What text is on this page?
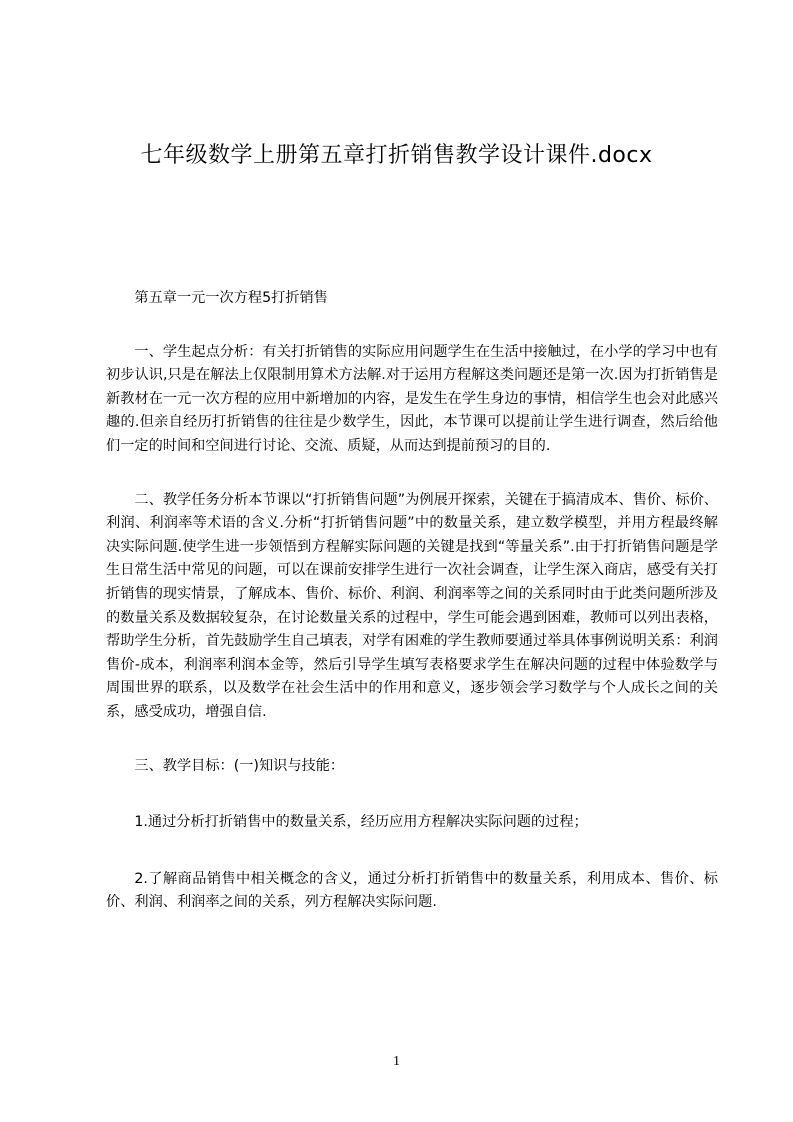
七年级数学上册第五章打折销售教学设计课件.docx

第五章一元一次方程5打折销售

一、学生起点分析：有关打折销售的实际应用问题学生在生活中接触过，在小学的学习中也有初步认识,只是在解法上仅限制用算术方法解.对于运用方程解这类问题还是第一次.因为打折销售是新教材在一元一次方程的应用中新增加的内容，是发生在学生身边的事情，相信学生也会对此感兴趣的.但亲自经历打折销售的往往是少数学生，因此，本节课可以提前让学生进行调查，然后给他们一定的时间和空间进行讨论、交流、质疑，从而达到提前预习的目的.

二、教学任务分析本节课以“打折销售问题”为例展开探索，关键在于搞清成本、售价、标价、利润、利润率等术语的含义.分析“打折销售问题”中的数量关系，建立数学模型，并用方程最终解决实际问题.使学生进一步领悟到方程解实际问题的关键是找到“等量关系”.由于打折销售问题是学生日常生活中常见的问题，可以在课前安排学生进行一次社会调查，让学生深入商店，感受有关打折销售的现实情景，了解成本、售价、标价、利润、利润率等之间的关系同时由于此类问题所涉及的数量关系及数据较复杂，在讨论数量关系的过程中，学生可能会遇到困难，教师可以列出表格，帮助学生分析，首先鼓励学生自己填表，对学有困难的学生教师要通过举具体事例说明关系：利润售价-成本，利润率利润本金等，然后引导学生填写表格要求学生在解决问题的过程中体验数学与周围世界的联系，以及数学在社会生活中的作用和意义，逐步领会学习数学与个人成长之间的关系，感受成功，增强自信.

三、教学目标：(一)知识与技能：

1.通过分析打折销售中的数量关系，经历应用方程解决实际问题的过程；

2.了解商品销售中相关概念的含义，通过分析打折销售中的数量关系，利用成本、售价、标价、利润、利润率之间的关系，列方程解决实际问题.

1
